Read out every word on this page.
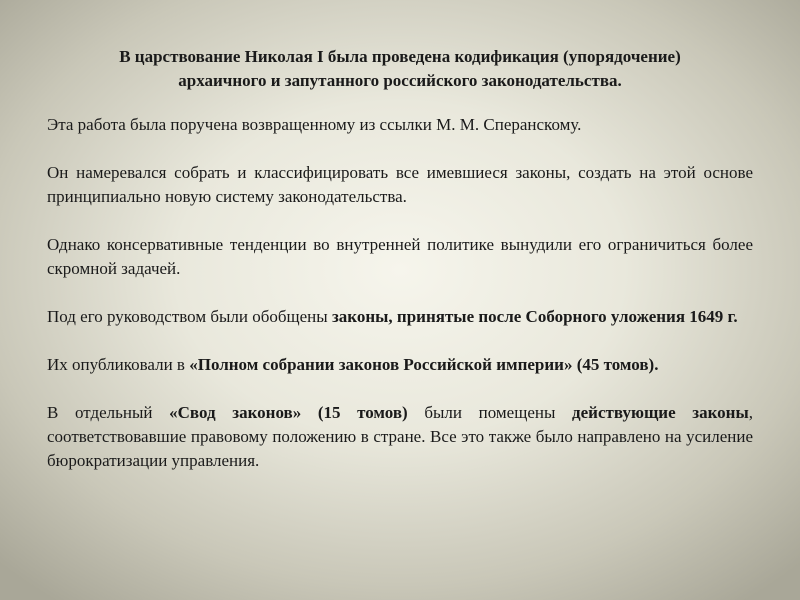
В царствование Николая I была проведена кодификация (упорядочение)
архаичного и запутанного российского законодательства.

Эта работа была поручена возвращенному из ссылки М. М. Сперанскому.

Он намеревался собрать и классифицировать все имевшиеся законы, создать на этой основе принципиально новую систему законодательства.

Однако консервативные тенденции во внутренней политике вынудили его ограничиться более скромной задачей.

Под его руководством были обобщены законы, принятые после Соборного уложения 1649 г.

Их опубликовали в «Полном собрании законов Российской империи» (45 томов).

В отдельный «Свод законов» (15 томов) были помещены действующие законы, соответствовавшие правовому положению в стране. Все это также было направлено на усиление бюрократизации управления.
